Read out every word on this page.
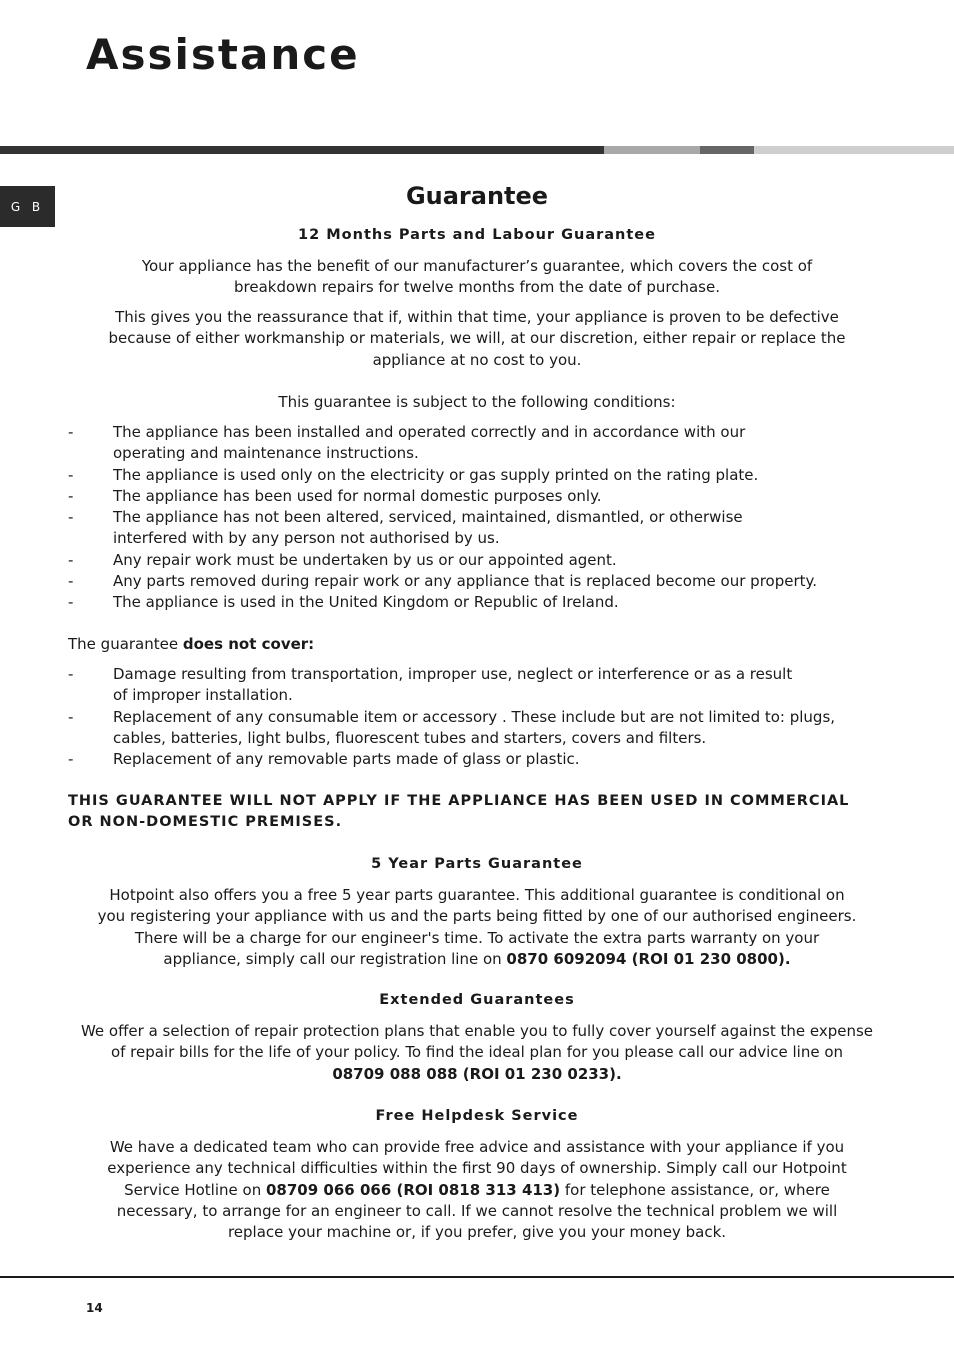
Assistance
G B	Guarantee

12 Months Parts and Labour Guarantee

Your appliance has the benefit of our manufacturer’s guarantee, which covers the cost of
breakdown repairs for twelve months from the date of purchase.
This gives you the reassurance that if, within that time, your appliance is proven to be defective
because of either workmanship or materials, we will, at our discretion, either repair or replace the
appliance at no cost to you.
This guarantee is subject to the following conditions:
-	The appliance has been installed and operated correctly and in accordance with our
operating and maintenance instructions.
-	The appliance is used only on the electricity or gas supply printed on the rating plate.
-	The appliance has been used for normal domestic purposes only.
-	The appliance has not been altered, serviced, maintained, dismantled, or otherwise
interfered with by any person not authorised by us.
-	Any repair work must be undertaken by us or our appointed agent.
-	Any parts removed during repair work or any appliance that is replaced become our property.
-	The appliance is used in the United Kingdom or Republic of Ireland.

The guarantee does not cover:

-	Damage resulting from transportation, improper use, neglect or interference or as a result
of improper installation.
-	Replacement of any consumable item or accessory . These include but are not limited to: plugs,
cables, batteries, light bulbs, fluorescent tubes and starters, covers and filters.
-	Replacement of any removable parts made of glass or plastic.
THIS GUARANTEE WILL NOT APPLY IF THE APPLIANCE HAS BEEN USED IN COMMERCIAL
OR NON-DOMESTIC PREMISES.

5 Year Parts Guarantee

Hotpoint also offers you a free 5 year parts guarantee. This additional guarantee is conditional on
you registering your appliance with us and the parts being fitted by one of our authorised engineers.
There will be a charge for our engineer's time. To activate the extra parts warranty on your
appliance, simply call our registration line on 0870 6092094 (ROI 01 230 0800).

Extended Guarantees

We offer a selection of repair protection plans that enable you to fully cover yourself against the expense
of repair bills for the life of your policy. To find the ideal plan for you please call our advice line on
08709 088 088 (ROI 01 230 0233).

Free Helpdesk Service

We have a dedicated team who can provide free advice and assistance with your appliance if you
experience any technical difficulties within the first 90 days of ownership. Simply call our Hotpoint
Service Hotline on 08709 066 066 (ROI 0818 313 413) for telephone assistance, or, where
necessary, to arrange for an engineer to call. If we cannot resolve the technical problem we will
replace your machine or, if you prefer, give you your money back.
14
